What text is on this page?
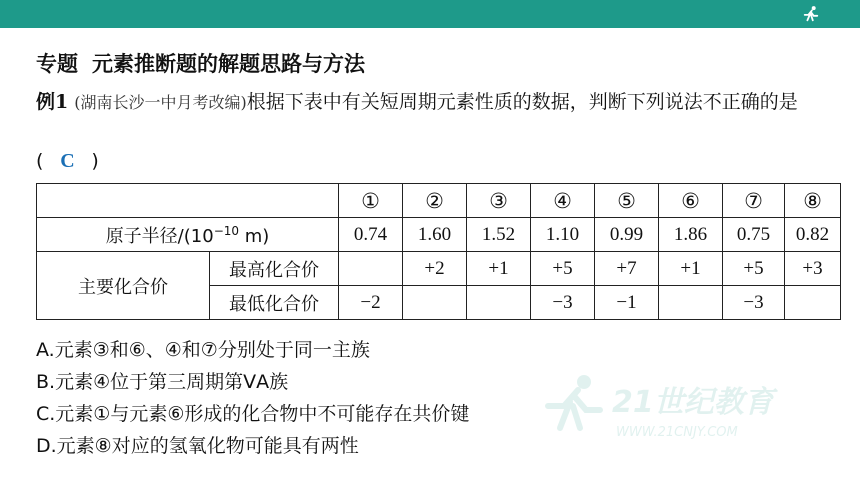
专题 元素推断题的解题思路与方法
例1 (湖南长沙一中月考改编)根据下表中有关短周期元素性质的数据，判断下列说法不正确的是
( C )
		①	②	③	④	⑤	⑥	⑦	⑧
原子半径$/(10^{-10}$ m)		0.74	1.60	1.52	1.10	0.99	1.86	0.75	0.82
主要化合价	最高化合价		+2	+1	+5	+7	+1	+5	+3
	最低化合价	−2			−3	−1		−3	
A.元素③和⑥、④和⑦分别处于同一主族
B.元素④位于第三周期第ⅤA族
C.元素①与元素⑥形成的化合物中不可能存在共价键
D.元素⑧对应的氢氧化物可能具有两性
21世纪教育
WWW.21CNJY.COM
